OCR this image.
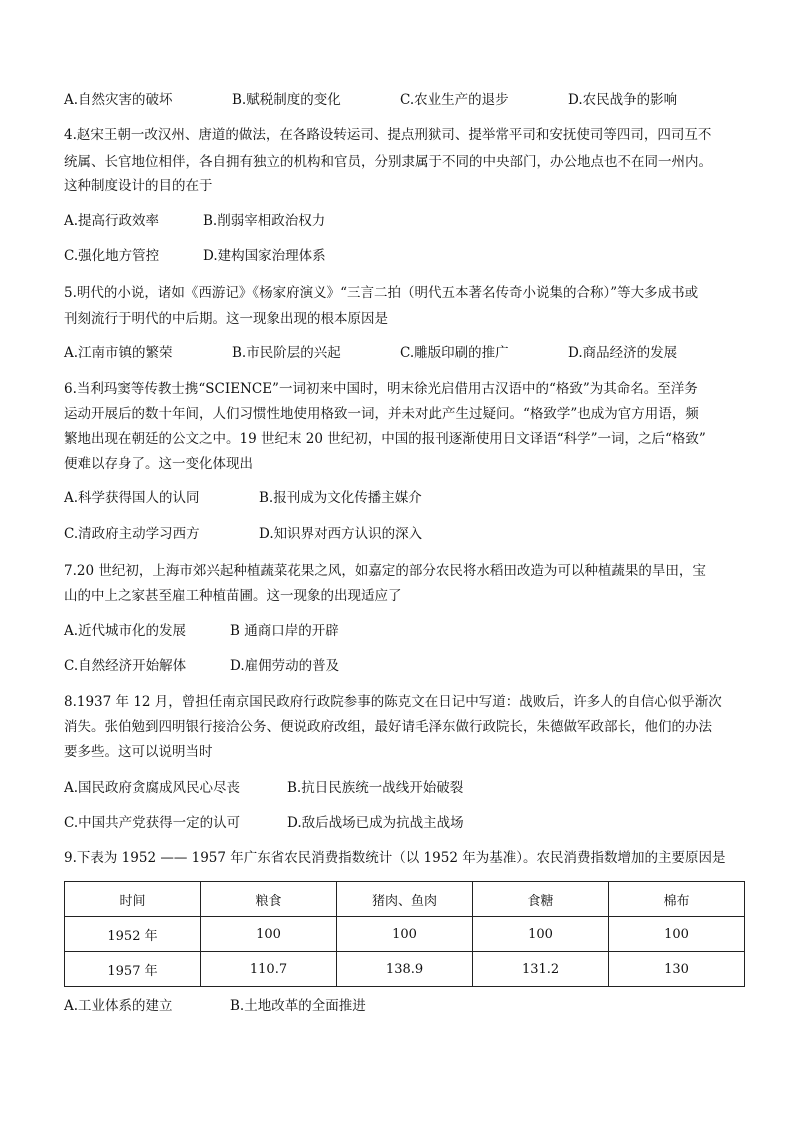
A.自然灾害的破坏	B.赋税制度的变化	C.农业生产的退步	D.农民战争的影响
4.赵宋王朝一改汉州、唐道的做法，在各路设转运司、提点刑狱司、提举常平司和安抚使司等四司，四司互不
统属、长官地位相伴，各自拥有独立的机构和官员，分别隶属于不同的中央部门，办公地点也不在同一州内。
这种制度设计的目的在于
A.提高行政效率	B.削弱宰相政治权力
C.强化地方管控	D.建构国家治理体系
5.明代的小说，诸如《西游记》《杨家府演义》“三言二拍（明代五本著名传奇小说集的合称）”等大多成书或
刊刻流行于明代的中后期。这一现象出现的根本原因是
A.江南市镇的繁荣	B.市民阶层的兴起	C.雕版印刷的推广	D.商品经济的发展
6.当利玛窦等传教士携“SCIENCE”一词初来中国时，明末徐光启借用古汉语中的“格致”为其命名。至洋务
运动开展后的数十年间，人们习惯性地使用格致一词，并未对此产生过疑问。“格致学”也成为官方用语，频
繁地出现在朝廷的公文之中。19 世纪末 20 世纪初，中国的报刊逐渐使用日文译语“科学”一词，之后“格致”
便难以存身了。这一变化体现出
A.科学获得国人的认同	B.报刊成为文化传播主媒介
C.清政府主动学习西方	D.知识界对西方认识的深入
7.20 世纪初，上海市郊兴起种植蔬菜花果之风，如嘉定的部分农民将水稻田改造为可以种植蔬果的旱田，宝
山的中上之家甚至雇工种植苗圃。这一现象的出现适应了
A.近代城市化的发展	B 通商口岸的开辟
C.自然经济开始解体	D.雇佣劳动的普及
8.1937 年 12 月，曾担任南京国民政府行政院参事的陈克文在日记中写道：战败后，许多人的自信心似乎渐次
消失。张伯勉到四明银行接洽公务、便说政府改组，最好请毛泽东做行政院长，朱德做军政部长，他们的办法
要多些。这可以说明当时
A.国民政府贪腐成风民心尽丧	B.抗日民族统一战线开始破裂
C.中国共产党获得一定的认可	D.敌后战场已成为抗战主战场
9.下表为 1952 —— 1957 年广东省农民消费指数统计（以 1952 年为基准）。农民消费指数增加的主要原因是
时间	粮食	猪肉、鱼肉	食糖	棉布
1952 年	100	100	100	100
1957 年	110.7	138.9	131.2	130
A.工业体系的建立	B.土地改革的全面推进
